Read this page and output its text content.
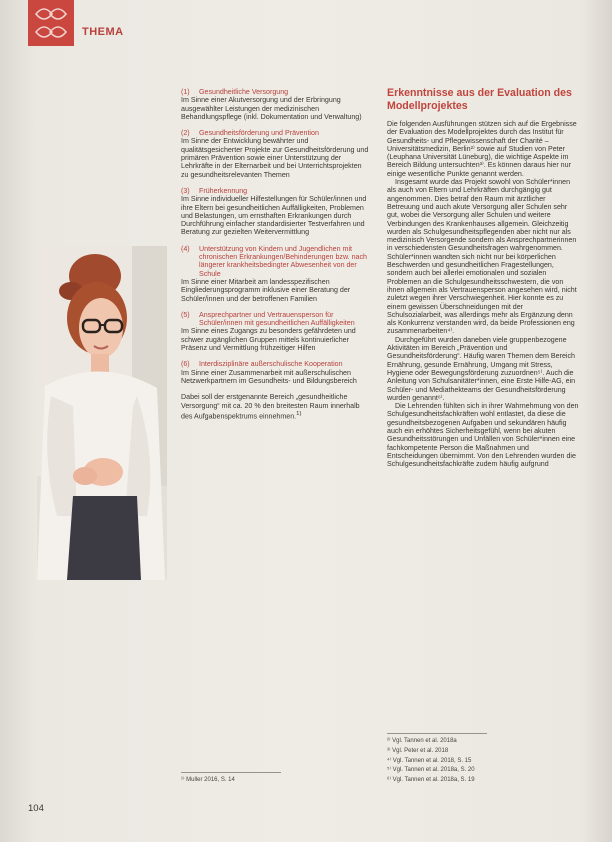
THEMA
(1)	Gesundheitliche Versorgung
Im Sinne einer Akutversorgung und der Erbringung ausgewählter Leistungen der medizinischen Behandlungspflege (inkl. Dokumentation und Verwaltung)
(2)	Gesundheitsförderung und Prävention
Im Sinne der Entwicklung bewährter und qualitätsgesicherter Projekte zur Gesundheitsförderung und primären Prävention sowie einer Unterstützung der Lehrkräfte in der Elternarbeit und bei Unterrichtsprojekten zu gesundheitsrelevanten Themen
(3)	Früherkennung
Im Sinne individueller Hilfestellungen für Schüler/innen und ihre Eltern bei gesundheitlichen Auffälligkeiten, Problemen und Belastungen, um ernsthaften Erkrankungen durch Durchführung einfacher standardisierter Testverfahren und Beratung zur gezielten Weitervermittlung
(4)	Unterstützung von Kindern und Jugendlichen mit chronischen Erkrankungen/Behinderungen bzw. nach längerer krankheitsbedingter Abwesenheit von der Schule
Im Sinne einer Mitarbeit am landesspezifischen Eingliederungsprogramm inklusive einer Beratung der Schüler/innen und der betroffenen Familien
(5)	Ansprechpartner und Vertrauensperson für Schüler/innen mit gesundheitlichen Auffälligkeiten
Im Sinne eines Zugangs zu besonders gefährdeten und schwer zugänglichen Gruppen mittels kontinuierlicher Präsenz und Vermittlung frühzeitiger Hilfen
(6)	Interdisziplinäre außerschulische Kooperation
Im Sinne einer Zusammenarbeit mit außerschulischen Netzwerkpartnern im Gesundheits- und Bildungsbereich
Dabei soll der erstgenannte Bereich „gesundheitliche Versorgung“ mit ca. 20 % den breitesten Raum innerhalb des Aufgabenspektrums einnehmen.$^{1)}$
¹⁾ Muller 2016, S. 14
Erkenntnisse aus der Evaluation des Modellprojektes

Die folgenden Ausführungen stützen sich auf die Ergebnisse der Evaluation des Modellprojektes durch das Institut für Gesundheits- und Pflegewissenschaft der Charité – Universitätsmedizin, Berlin²⁾ sowie auf Studien von Peter (Leuphana Universität Lüneburg), die wichtige Aspekte im Bereich Bildung untersuchten³⁾. Es können daraus hier nur einige wesentliche Punkte genannt werden.

Insgesamt wurde das Projekt sowohl von Schüler*innen als auch von Eltern und Lehrkräften durchgängig gut angenommen. Dies betraf den Raum mit ärztlicher Betreuung und auch akute Versorgung aller Schulen sehr gut, wobei die Versorgung aller Schulen und weitere Verbindungen des Krankenhauses allgemein. Gleichzeitig wurden als Schulgesundheitspflegenden aber nicht nur als medizinisch Versorgende sondern als Ansprechpartnerinnen in verschiedensten Gesundheitsfragen wahrgenommen. Schüler*innen wandten sich nicht nur bei körperlichen Beschwerden und gesundheitlichen Fragestellungen, sondern auch bei allerlei emotionalen und sozialen Problemen an die Schulgesundheitsschwestern, die von ihnen allgemein als Vertrauensperson angesehen wird, nicht zuletzt wegen ihrer Verschwiegenheit. Hier konnte es zu einem gewissen Überschneidungen mit der Schulsozialarbeit, was allerdings mehr als Ergänzung denn als Konkurrenz verstanden wird, da beide Professionen eng zusammenarbeiten⁴⁾.

Durchgeführt wurden daneben viele gruppenbezogene Aktivitäten im Bereich „Prävention und Gesundheitsförderung“. Häufig waren Themen dem Bereich Ernährung, gesunde Ernährung, Umgang mit Stress, Hygiene oder Bewegungsförderung zuzuordnen⁵⁾. Auch die Anleitung von Schulsanitäter*innen, eine Erste Hilfe-AG, ein Schüler- und Mediathekteams der Gesundheitsförderung wurden genannt⁶⁾.

Die Lehrenden fühlten sich in ihrer Wahrnehmung von den Schulgesundheitsfachkräften wohl entlastet, da diese die gesundheitsbezogenen Aufgaben und sekundären häufig auch ein erhöhtes Sicherheitsgefühl, wenn bei akuten Gesundheitsstörungen und Unfällen von Schüler*innen eine fachkompetente Person die Maßnahmen und Entscheidungen übernimmt. Von den Lehrenden wurden die Schulgesundheitsfachkräfte zudem häufig aufgrund

²⁾ Vgl. Tannen et al. 2018a
³⁾ Vgl. Peter et al. 2018
⁴⁾ Vgl. Tannen et al. 2018, S. 15
⁵⁾ Vgl. Tannen et al. 2018a, S. 20
⁶⁾ Vgl. Tannen et al. 2018a, S. 19
104
